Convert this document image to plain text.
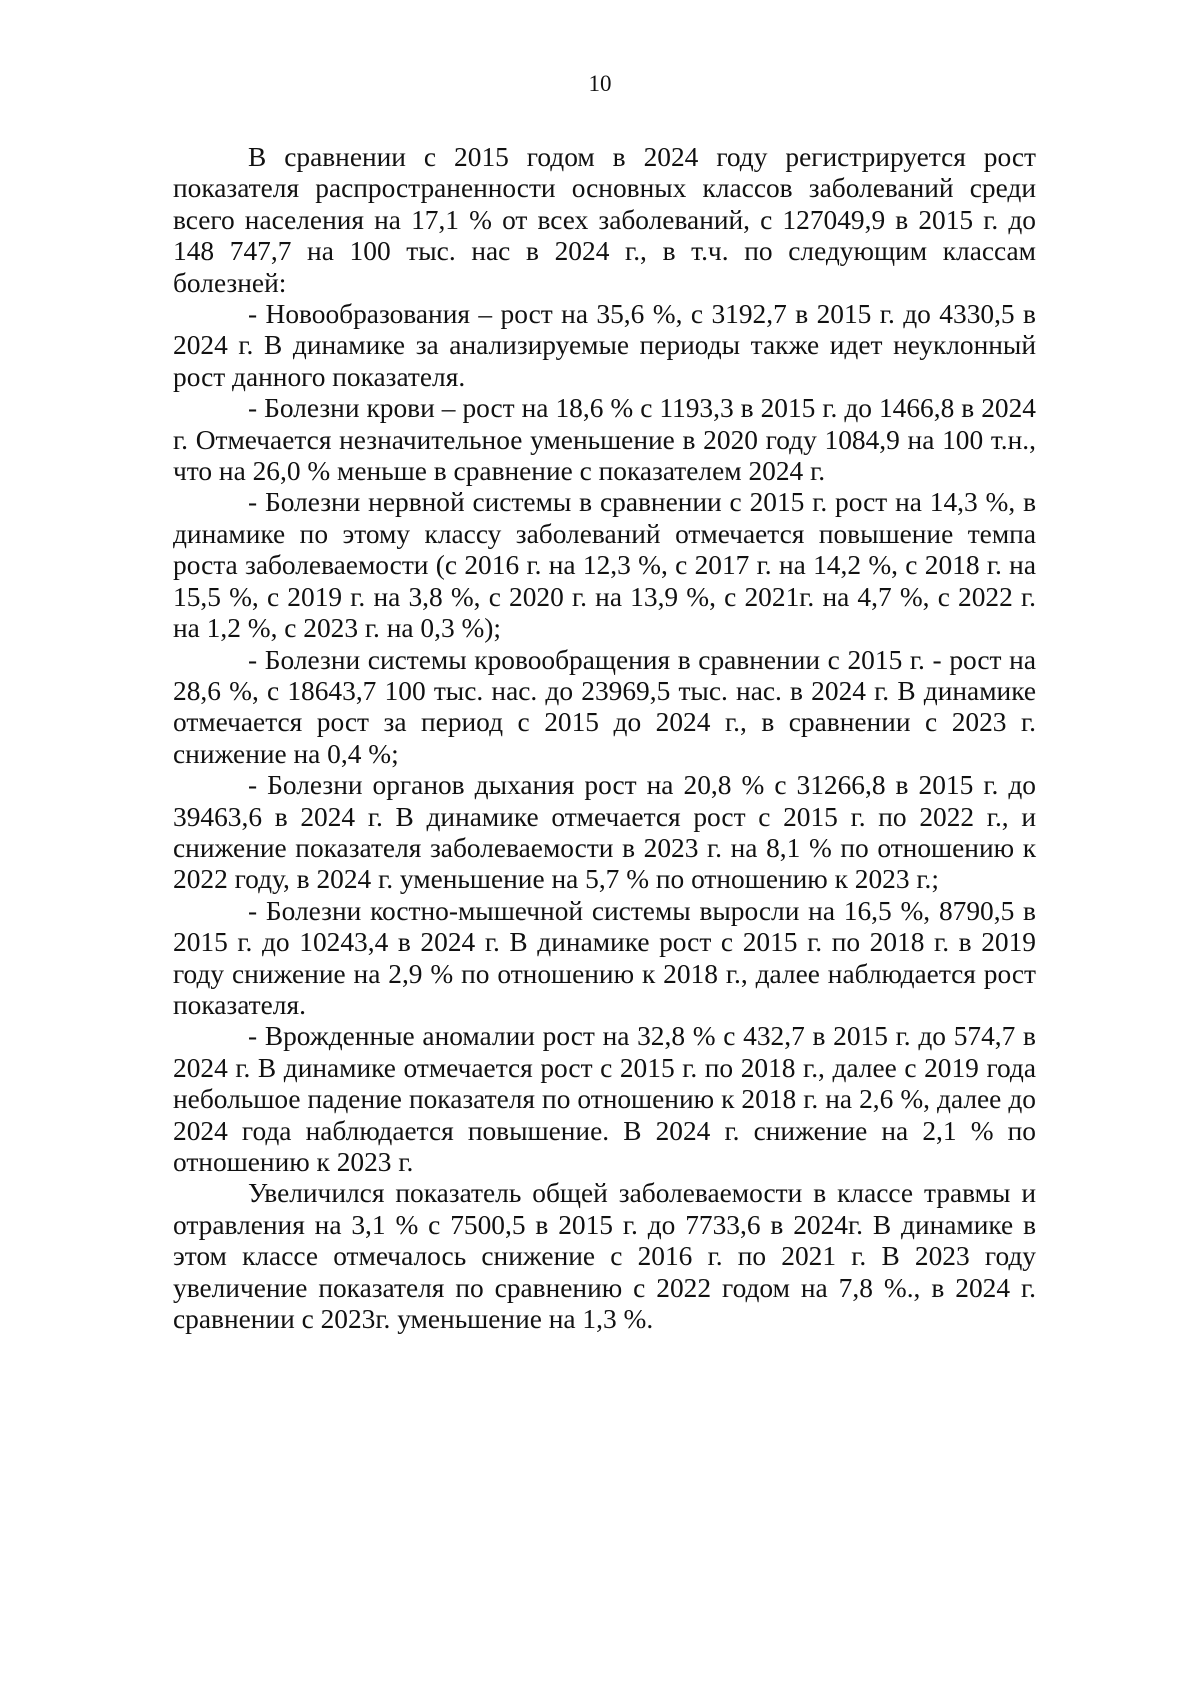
10

В сравнении с 2015 годом в 2024 году регистрируется рост показателя распространенности основных классов заболеваний среди всего населения на 17,1 % от всех заболеваний, с 127049,9 в 2015 г. до 148 747,7 на 100 тыс. нас в 2024 г., в т.ч. по следующим классам болезней:

- Новообразования – рост на 35,6 %, с 3192,7 в 2015 г. до 4330,5 в 2024 г. В динамике за анализируемые периоды также идет неуклонный рост данного показателя.

- Болезни крови – рост на 18,6 % с 1193,3 в 2015 г. до 1466,8 в 2024 г. Отмечается незначительное уменьшение в 2020 году 1084,9 на 100 т.н., что на 26,0 % меньше в сравнение с показателем 2024 г.

- Болезни нервной системы в сравнении с 2015 г. рост на 14,3 %, в динамике по этому классу заболеваний отмечается повышение темпа роста заболеваемости (с 2016 г. на 12,3 %, с 2017 г. на 14,2 %, с 2018 г. на 15,5 %, с 2019 г. на 3,8 %, с 2020 г. на 13,9 %, с 2021г. на 4,7 %, с 2022 г. на 1,2 %, с 2023 г. на 0,3 %);

- Болезни системы кровообращения в сравнении с 2015 г. - рост на 28,6 %, с 18643,7 100 тыс. нас. до 23969,5 тыс. нас. в 2024 г. В динамике отмечается рост за период с 2015 до 2024 г., в сравнении с 2023 г. снижение на 0,4 %;

- Болезни органов дыхания рост на 20,8 % с 31266,8 в 2015 г. до 39463,6 в 2024 г. В динамике отмечается рост с 2015 г. по 2022 г., и снижение показателя заболеваемости в 2023 г. на 8,1 % по отношению к 2022 году, в 2024 г. уменьшение на 5,7 % по отношению к 2023 г.;

- Болезни костно-мышечной системы выросли на 16,5 %, 8790,5 в 2015 г. до 10243,4 в 2024 г. В динамике рост с 2015 г. по 2018 г. в 2019 году снижение на 2,9 % по отношению к 2018 г., далее наблюдается рост показателя.

- Врожденные аномалии рост на 32,8 % с 432,7 в 2015 г. до 574,7 в 2024 г. В динамике отмечается рост с 2015 г. по 2018 г., далее с 2019 года небольшое падение показателя по отношению к 2018 г. на 2,6 %, далее до 2024 года наблюдается повышение. В 2024 г. снижение на 2,1 % по отношению к 2023 г.

Увеличился показатель общей заболеваемости в классе травмы и отравления на 3,1 % с 7500,5 в 2015 г. до 7733,6 в 2024г. В динамике в этом классе отмечалось снижение с 2016 г. по 2021 г. В 2023 году увеличение показателя по сравнению с 2022 годом на 7,8 %., в 2024 г. сравнении с 2023г. уменьшение на 1,3 %.
